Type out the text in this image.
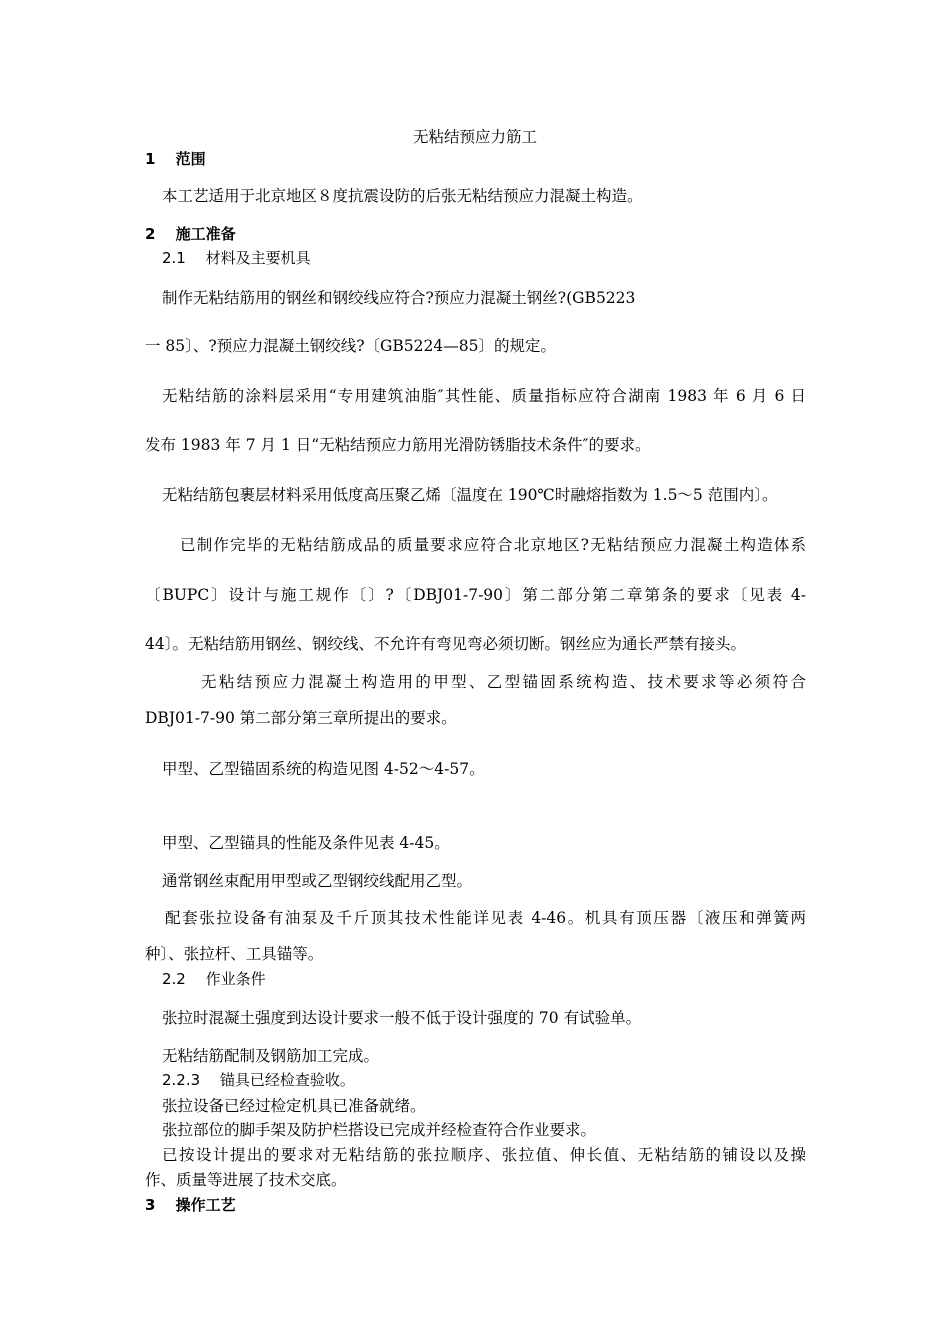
无粘结预应力筋工

1　 范围

本工艺适用于北京地区８度抗震设防的后张无粘结预应力混凝土构造。

2　 施工准备

2.1　 材料及主要机具

制作无粘结筋用的钢丝和钢绞线应符合?预应力混凝土钢丝?(GB5223

一 85〕、?预应力混凝土钢绞线?〔GB5224—85〕的规定。

无粘结筋的涂料层采用“专用建筑油脂″其性能、质量指标应符合湖南 1983 年 6 月 6 日

发布 1983 年 7 月 1 日“无粘结预应力筋用光滑防锈脂技术条件″的要求。

无粘结筋包裹层材料采用低度高压聚乙烯〔温度在 190℃时融熔指数为 1.5～5 范围内〕。

已制作完毕的无粘结筋成品的质量要求应符合北京地区?无粘结预应力混凝土构造体系

〔BUPC〕设计与施工规作〔〕?〔DBJ01-7-90〕第二部分第二章第条的要求〔见表 4-

44〕。无粘结筋用钢丝、钢绞线、不允许有弯见弯必须切断。钢丝应为通长严禁有接头。

无粘结预应力混凝土构造用的甲型、乙型锚固系统构造、技术要求等必须符合

DBJ01-7-90 第二部分第三章所提出的要求。

甲型、乙型锚固系统的构造见图 4-52～4-57。

甲型、乙型锚具的性能及条件见表 4-45。

通常钢丝束配用甲型或乙型钢绞线配用乙型。

配套张拉设备有油泵及千斤顶其技术性能详见表 4-46。机具有顶压器〔液压和弹簧两

种〕、张拉杆、工具锚等。

2.2　 作业条件

张拉时混凝土强度到达设计要求一般不低于设计强度的 70 有试验单。

无粘结筋配制及钢筋加工完成。

2.2.3　 锚具已经检查验收。

张拉设备已经过检定机具已准备就绪。

张拉部位的脚手架及防护栏搭设已完成并经检查符合作业要求。

已按设计提出的要求对无粘结筋的张拉顺序、张拉值、伸长值、无粘结筋的铺设以及操

作、质量等进展了技术交底。

3　 操作工艺
